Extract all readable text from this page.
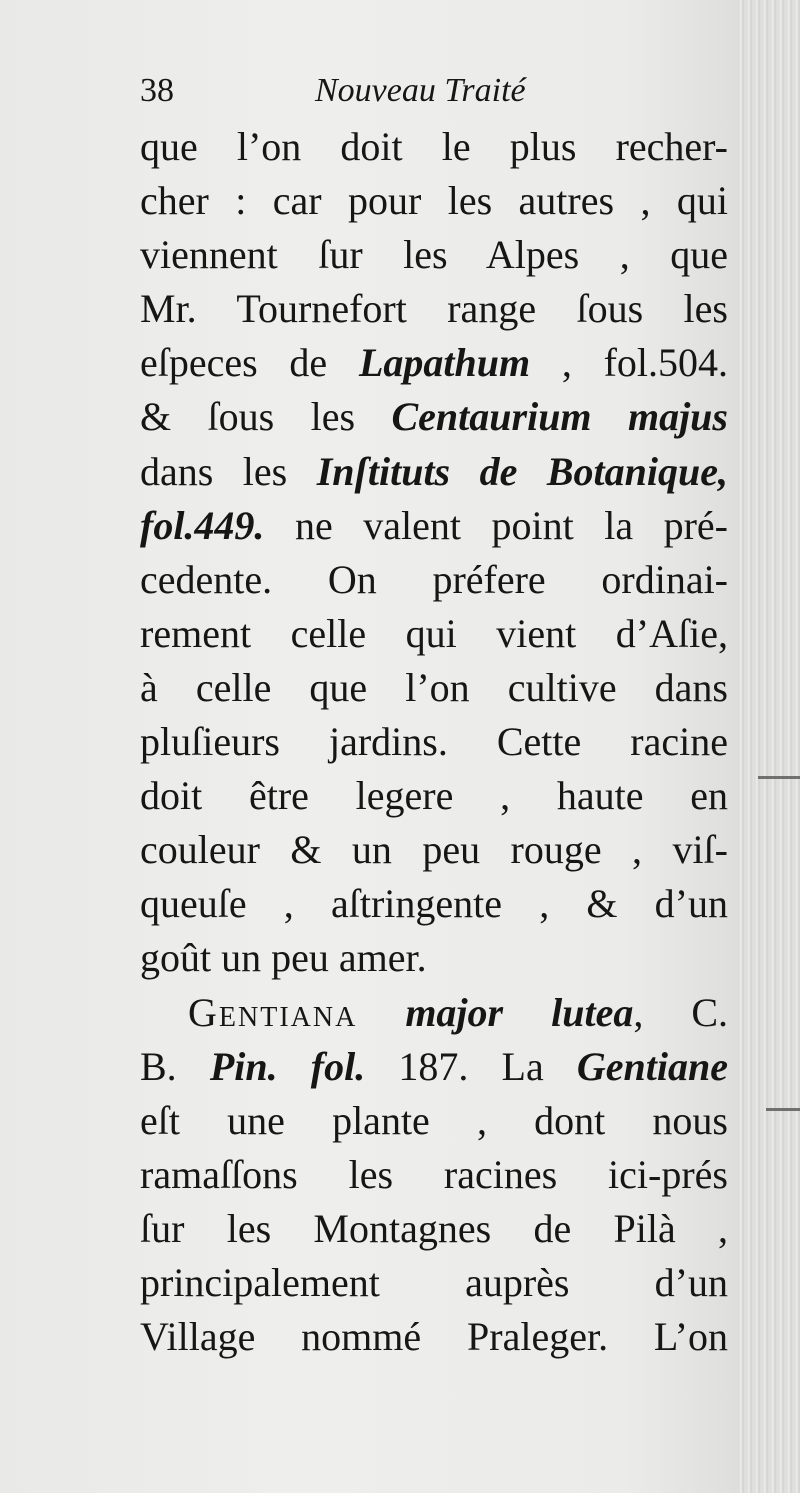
38	Nouveau Traité
que l’on doit le plus recher-
cher : car pour les autres , qui
viennent ſur les Alpes , que
Mr. Tournefort range ſous les
eſpeces de Lapathum , fol.504.
& ſous les Centaurium majus
dans les Inſtituts de Botanique,
fol.449. ne valent point la pré-
cedente. On préfere ordinai-
rement celle qui vient d’Aſie,
à celle que l’on cultive dans
pluſieurs jardins. Cette racine
doit être legere , haute en
couleur & un peu rouge , viſ-
queuſe , aſtringente , & d’un
goût un peu amer.
Gentiana major lutea, C.
B. Pin. fol. 187. La Gentiane
eſt une plante , dont nous
ramaſſons les racines ici-prés
ſur les Montagnes de Pilà ,
principalement auprès d’un
Village nommé Praleger. L’on
